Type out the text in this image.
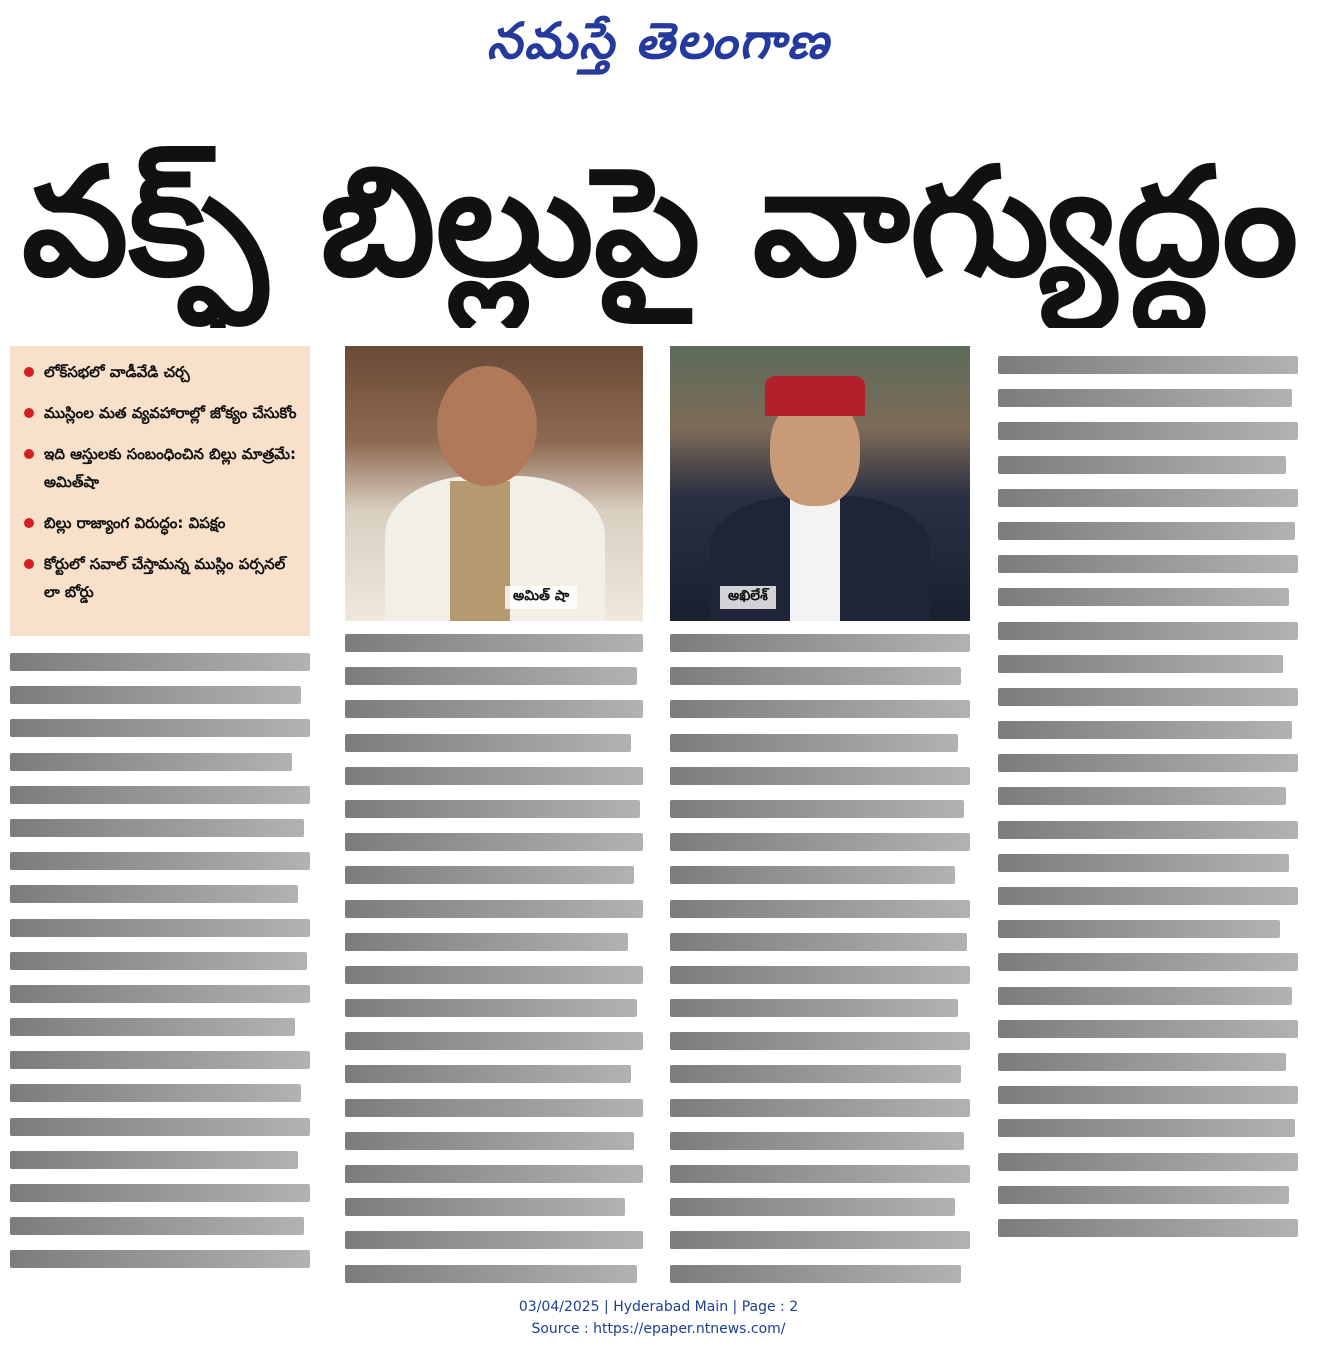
నమస్తే తెలంగాణ
వక్ఫ్ బిల్లుపై వాగ్యుద్ధం
లోక్‌సభలో వాడీవేడి చర్చ
ముస్లింల మత వ్యవహారాల్లో జోక్యం చేసుకోం
ఇది ఆస్తులకు సంబంధించిన బిల్లు మాత్రమే: అమిత్‌షా
బిల్లు రాజ్యాంగ విరుద్ధం: విపక్షం
కోర్టులో సవాల్ చేస్తామన్న ముస్లిం పర్సనల్ లా బోర్డు	అమిత్ షా	అఖిలేశ్
03/04/2025 | Hyderabad Main | Page : 2
Source : https://epaper.ntnews.com/
